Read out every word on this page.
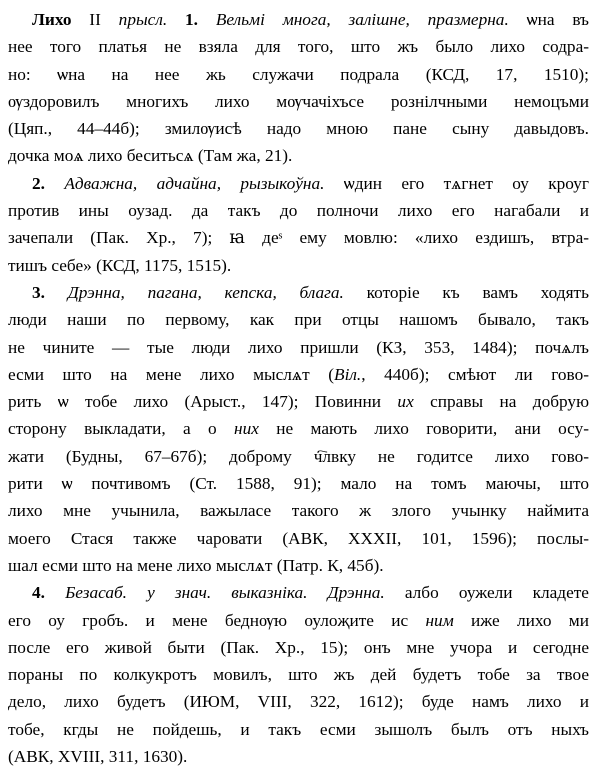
Лихо II прысл. 1. Вельмі многа, залішне, празмерна. ѡна въ
нее того платья не взяла для того, што жъ было лихо содра-
но: ѡна на нее жь служачи подрала (КСД, 17, 1510);
ѹздоровилъ многихъ лихо мѹчачіхъсе рознілчными немоцъми
(Цяп., 44–44б); змилѹисѣ надо мною пане сыну давыдовъ.
дочка моѧ лихо беситьсѧ (Там жа, 21).
2. Адважна, адчайна, рызыкоўна. ѡдин его тѧгнет оу кроуг
против ины оузад. да такъ до полночи лихо его нагабали и
зачепали (Пак. Хр., 7); ꙗ деˢ ему мовлю: «лихо ездишъ, втра-
тишъ себе» (КСД, 1175, 1515).
3. Дрэнна, пагана, кепска, блага. которіе къ вамъ ходять
люди наши по первому, как при отцы нашомъ бывало, такъ
не чините — тые люди лихо пришли (КЗ, 353, 1484); почѧлъ
есми што на мене лихо мыслѧт (Віл., 440б); смѣют ли гово-
рить ѡ тобе лихо (Арыст., 147); Повинни их справы на добрую
сторону выкладати, а о них не мають лихо говорити, ани осу-
жати (Будны, 67–67б); доброму ч҇лвку не годитсе лихо гово-
рити ѡ почтивомъ (Ст. 1588, 91); мало на томъ маючы, што
лихо мне учынила, важыласе такого ж злого учынку наймита
моего Стася также чаровати (АВК, XXXII, 101, 1596); послы-
шал есми што на мене лихо мыслѧт (Патр. К, 45б).
4. Безасаб. у знач. выказніка. Дрэнна. албо оужели кладете
его оу гробъ. и мене беднѹю оулоҗите ис ним иже лихо ми
после его живой быти (Пак. Хр., 15); онъ мне учора и сегодне
пораны по колкукротъ мовилъ, што жъ дей будетъ тобе за твое
дело, лихо будетъ (ИЮМ, VIII, 322, 1612); буде намъ лихо и
тобе, кгды не пойдешь, и такъ есми зышолъ былъ отъ ныхъ
(АВК, XVIII, 311, 1630).
